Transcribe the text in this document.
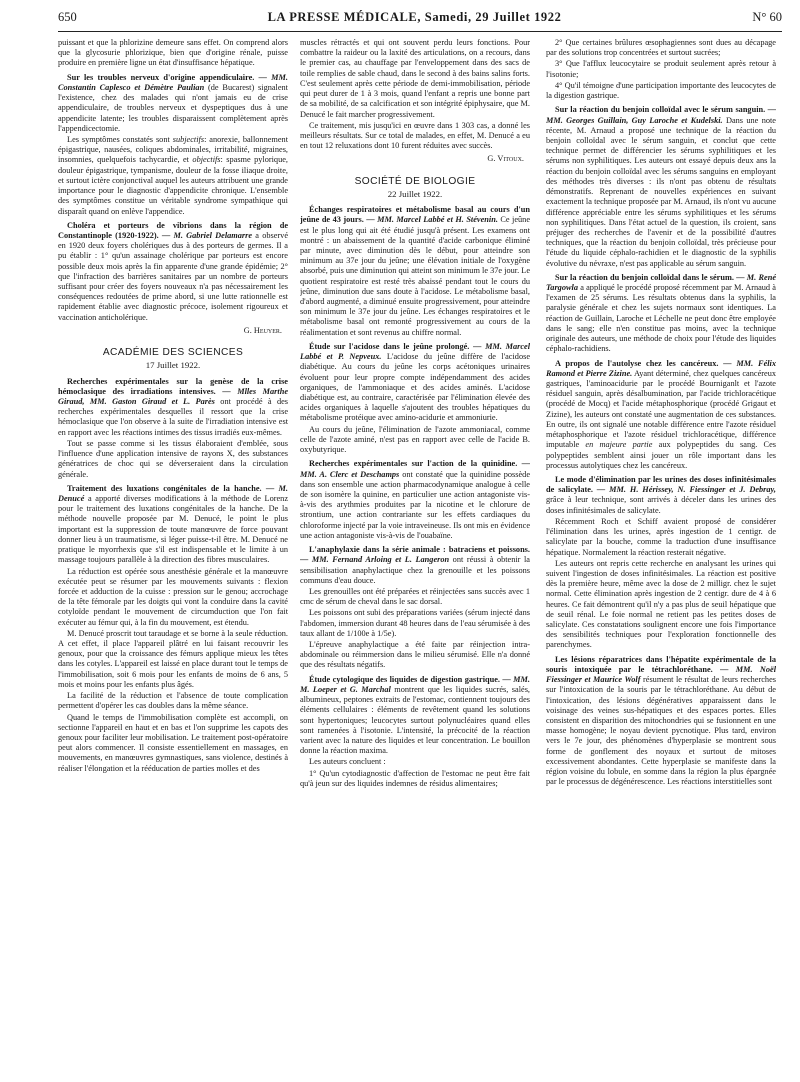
650	LA PRESSE MÉDICALE, Samedi, 29 Juillet 1922	N° 60

puissant et que la phlorizine demeure sans effet. On comprend alors que la glycosurie phlorizique, bien que d'origine rénale, puisse produire en première ligne un état d'insuffisance hépatique.

Sur les troubles nerveux d'origine appendiculaire. — MM. Constantin Caplesco et Démètre Paulian (de Bucarest) signalent l'existence, chez des malades qui n'ont jamais eu de crise appendiculaire, de troubles nerveux et dyspeptiques dus à une appendicite latente; les troubles disparaissent complètement après l'appendicectomie.

Les symptômes constatés sont subjectifs: anorexie, ballonnement épigastrique, nausées, coliques abdominales, irritabilité, migraines, insomnies, quelquefois tachycardie, et objectifs: spasme pylorique, douleur épigastrique, tympanisme, douleur de la fosse iliaque droite, et surtout ictère conjonctival auquel les auteurs attribuent une grande importance pour le diagnostic d'appendicite chronique. L'ensemble des symptômes constitue un véritable syndrome sympathique qui disparaît quand on enlève l'appendice.

Choléra et porteurs de vibrions dans la région de Constantinople (1920-1922). — M. Gabriel Delamarre a observé en 1920 deux foyers cholériques dus à des porteurs de germes. Il a pu établir : 1° qu'un assainage cholérique par porteurs est encore possible deux mois après la fin apparente d'une grande épidémie; 2° que l'infraction des barrières sanitaires par un nombre de porteurs suffisant pour créer des foyers nouveaux n'a pas nécessairement les conséquences redoutées de prime abord, si une lutte rationnelle est rapidement établie avec diagnostic précoce, isolement rigoureux et vaccination anticholérique.

G. Heuyer.
ACADÉMIE DES SCIENCES
17 Juillet 1922.

Recherches expérimentales sur la genèse de la crise hémoclasique des irradiations intensives. — Mlles Marthe Giraud, MM. Gaston Giraud et L. Parès ont procédé à des recherches expérimentales desquelles il ressort que la crise hémoclasique que l'on observe à la suite de l'irradiation intensive est en rapport avec les réactions intimes des tissus irradiés eux-mêmes.

Tout se passe comme si les tissus élaboraient d'emblée, sous l'influence d'une application intensive de rayons X, des substances génératrices de choc qui se déverseraient dans la circulation générale.

Traitement des luxations congénitales de la hanche. — M. Denucé a apporté diverses modifications à la méthode de Lorenz pour le traitement des luxations congénitales de la hanche. De la méthode nouvelle proposée par M. Denucé, le point le plus important est la suppression de toute manœuvre de force pouvant donner lieu à un traumatisme, si léger puisse-t-il être. M. Denucé ne pratique le myorrhexis que s'il est indispensable et le limite à un massage toujours parallèle à la direction des fibres musculaires.

La réduction est opérée sous anesthésie générale et la manœuvre exécutée peut se résumer par les mouvements suivants : flexion forcée et adduction de la cuisse : pression sur le genou; accrochage de la tête fémorale par les doigts qui vont la conduire dans la cavité cotyloïde pendant le mouvement de circumduction que l'on fait exécuter au fémur qui, à la fin du mouvement, est étendu.

M. Denucé proscrit tout taraudage et se borne à la seule réduction. A cet effet, il place l'appareil plâtré en lui faisant recouvrir les genoux, pour que la croissance des fémurs applique mieux les têtes dans les cotyles. L'appareil est laissé en place durant tout le temps de l'immobilisation, soit 6 mois pour les enfants de moins de 6 ans, 5 mois et moins pour les enfants plus âgés.

La facilité de la réduction et l'absence de toute complication permettent d'opérer les cas doubles dans la même séance.

Quand le temps de l'immobilisation complète est accompli, on sectionne l'appareil en haut et en bas et l'on supprime les capots des genoux pour faciliter leur mobilisation. Le traitement post-opératoire peut alors commencer. Il consiste essentiellement en massages, en mouvements, en manœuvres gymnastiques, sans violence, destinés à réaliser l'élongation et la rééducation de parties molles et des

muscles rétractés et qui ont souvent perdu leurs fonctions. Pour combattre la raideur ou la laxité des articulations, on a recours, dans le premier cas, au chauffage par l'enveloppement dans des sacs de toile remplies de sable chaud, dans le second à des bains salins forts. C'est seulement après cette période de demi-immobilisation, période qui peut durer de 1 à 3 mois, quand l'enfant a repris une bonne part de sa mobilité, de sa calcification et son intégrité épiphysaire, que M. Denucé le fait marcher progressivement.

Ce traitement, mis jusqu'ici en œuvre dans 1 303 cas, a donné les meilleurs résultats. Sur ce total de malades, en effet, M. Denucé a eu en tout 12 reluxations dont 10 furent réduites avec succès.

G. Vitoux.
SOCIÉTÉ DE BIOLOGIE
22 Juillet 1922.

Échanges respiratoires et métabolisme basal au cours d'un jeûne de 43 jours. — MM. Marcel Labbé et H. Stévenin. Ce jeûne est le plus long qui ait été étudié jusqu'à présent. Les examens ont montré : un abaissement de la quantité d'acide carbonique éliminé par minute, avec diminution dès le début, pour atteindre son minimum au 37e jour du jeûne; une élévation initiale de l'oxygène absorbé, puis une diminution qui atteint son minimum le 37e jour. Le quotient respiratoire est resté très abaissé pendant tout le cours du jeûne, diminution due sans doute à l'acidose. Le métabolisme basal, d'abord augmenté, a diminué ensuite progressivement, pour atteindre son minimum le 37e jour du jeûne. Les échanges respiratoires et le métabolisme basal ont remonté progressivement au cours de la réalimentation et sont revenus au chiffre normal.

Étude sur l'acidose dans le jeûne prolongé. — MM. Marcel Labbé et P. Nepveux. L'acidose du jeûne diffère de l'acidose diabétique. Au cours du jeûne les corps acétoniques urinaires évoluent pour leur propre compte indépendamment des acides organiques, de l'ammoniaque et des acides aminés. L'acidose diabétique est, au contraire, caractérisée par l'élimination élevée des acides organiques à laquelle s'ajoutent des troubles hépatiques du métabolisme protéique avec amino-acidurie et ammoniurie.

Au cours du jeûne, l'élimination de l'azote ammoniacal, comme celle de l'azote aminé, n'est pas en rapport avec celle de l'acide B. oxybutyrique.

Recherches expérimentales sur l'action de la quinidine. — MM. A. Clerc et Deschamps ont constaté que la quinidine possède dans son ensemble une action pharmacodynamique analogue à celle de son isomère la quinine, en particulier une action antagoniste vis-à-vis des arythmies produites par la nicotine et le chlorure de strontium, une action contrariante sur les effets cardiaques du chloroforme injecté par la voie intraveineuse. Ils ont mis en évidence une action antagoniste vis-à-vis de l'ouabaïne.

L'anaphylaxie dans la série animale : batraciens et poissons. — MM. Fernand Arloing et L. Langeron ont réussi à obtenir la sensibilisation anaphylactique chez la grenouille et les poissons communs d'eau douce.

Les grenouilles ont été préparées et réinjectées sans succès avec 1 cmc de sérum de cheval dans le sac dorsal.

Les poissons ont subi des préparations variées (sérum injecté dans l'abdomen, immersion durant 48 heures dans de l'eau sérumisée à des taux allant de 1/100e à 1/5e).

L'épreuve anaphylactique a été faite par réinjection intra-abdominale ou réimmersion dans le milieu sérumisé. Elle n'a donné que des résultats négatifs.

Étude cytologique des liquides de digestion gastrique. — MM. M. Loeper et G. Marchal montrent que les liquides sucrés, salés, albumineux, peptones extraits de l'estomac, contiennent toujours des éléments cellulaires : éléments de revêtement quand les solutions sont hypertoniques; leucocytes surtout polynucléaires quand elles sont ramenées à l'isotonie. L'intensité, la précocité de la réaction varient avec la nature des liquides et leur concentration. Le bouillon donne la réaction maxima.

Les auteurs concluent :

1° Qu'un cytodiagnostic d'affection de l'estomac ne peut être fait qu'à jeun sur des liquides indemnes de résidus alimentaires;

2° Que certaines brûlures œsophagiennes sont dues au décapage par des solutions trop concentrées et surtout sucrées;

3° Que l'afflux leucocytaire se produit seulement après retour à l'isotonie;

4° Qu'il témoigne d'une participation importante des leucocytes de la digestion gastrique.

Sur la réaction du benjoin colloïdal avec le sérum sanguin. — MM. Georges Guillain, Guy Laroche et Kudelski. Dans une note récente, M. Arnaud a proposé une technique de la réaction du benjoin colloïdal avec le sérum sanguin, et conclut que cette technique permet de différencier les sérums syphilitiques et les sérums non syphilitiques. Les auteurs ont essayé depuis deux ans la réaction du benjoin colloïdal avec les sérums sanguins en employant des méthodes très diverses : ils n'ont pas obtenu de résultats démonstratifs. Reprenant de nouvelles expériences en suivant exactement la technique proposée par M. Arnaud, ils n'ont vu aucune différence appréciable entre les sérums syphilitiques et les sérums non syphilitiques. Dans l'état actuel de la question, ils croient, sans préjuger des recherches de l'avenir et de la possibilité d'autres techniques, que la réaction du benjoin colloïdal, très précieuse pour l'étude du liquide céphalo-rachidien et le diagnostic de la syphilis évolutive du névraxe, n'est pas applicable au sérum sanguin.

Sur la réaction du benjoin colloïdal dans le sérum. — M. René Targowla a appliqué le procédé proposé récemment par M. Arnaud à l'examen de 25 sérums. Les résultats obtenus dans la syphilis, la paralysie générale et chez les sujets normaux sont identiques. La réaction de Guillain, Laroche et Léchelle ne peut donc être employée dans le sang; elle n'en constitue pas moins, avec la technique originale des auteurs, une méthode de choix pour l'étude des liquides céphalo-rachidiens.

A propos de l'autolyse chez les cancéreux. — MM. Félix Ramond et Pierre Zizine. Ayant déterminé, chez quelques cancéreux gastriques, l'aminoacidurie par le procédé Bourniganlt et l'azote résiduel sanguin, après désalbumination, par l'acide trichloracétique (procédé de Mocq) et l'acide métaphosphorique (procédé Grigaut et Zizine), les auteurs ont constaté une augmentation de ces substances. En outre, ils ont signalé une notable différence entre l'azote résiduel métaphosphorique et l'azote résiduel trichloracétique, différence imputable en majeure partie aux polypeptides du sang. Ces polypeptides semblent ainsi jouer un rôle important dans les processus autolytiques chez les cancéreux.

Le mode d'élimination par les urines des doses infinitésimales de salicylate. — MM. H. Hérissey, N. Fiessinger et J. Debray, grâce à leur technique, sont arrivés à déceler dans les urines des doses infinitésimales de salicylate.

Récemment Roch et Schiff avaient proposé de considérer l'élimination dans les urines, après ingestion de 1 centigr. de salicylate par la bouche, comme la traduction d'une insuffisance hépatique. Normalement la réaction resterait négative.

Les auteurs ont repris cette recherche en analysant les urines qui suivent l'ingestion de doses infinitésimales. La réaction est positive dès la première heure, même avec la dose de 2 milligr. chez le sujet normal. Cette élimination après ingestion de 2 centigr. dure de 4 à 6 heures. Ce fait démontrent qu'il n'y a pas plus de seuil hépatique que de seuil rénal. Le foie normal ne retient pas les petites doses de salicylate. Ces constatations soulignent encore une fois l'importance des sensibilités techniques pour l'exploration fonctionnelle des parenchymes.

Les lésions réparatrices dans l'hépatite expérimentale de la souris intoxiquée par le tétrachloréthane. — MM. Noël Fiessinger et Maurice Wolf résument le résultat de leurs recherches sur l'intoxication de la souris par le tétrachloréthane. Au début de l'intoxication, des lésions dégénératives apparaissent dans le voisinage des veines sus-hépatiques et des espaces portes. Elles consistent en disparition des mitochondries qui se fusionnent en une masse homogène; le noyau devient pycnotique. Plus tard, environ vers le 7e jour, des phénomènes d'hyperplasie se montrent sous forme de gonflement des noyaux et surtout de mitoses excessivement abondantes. Cette hyperplasie se manifeste dans la région voisine du lobule, en somme dans la région la plus épargnée par le processus de dégénérescence. Les réactions interstitielles sont
